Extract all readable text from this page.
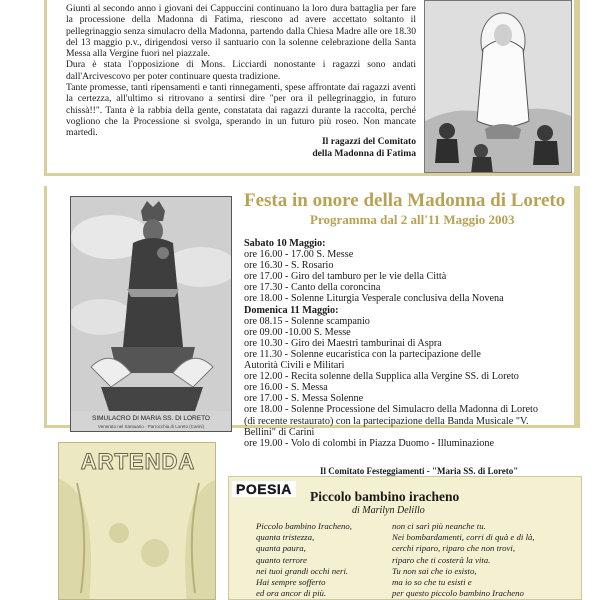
Giunti al secondo anno i giovani dei Cappuccini continuano la loro dura battaglia per fare la processione della Madonna di Fatima, riescono ad avere accettato soltanto il pellegrinaggio senza simulacro della Madonna, partendo dalla Chiesa Madre alle ore 18.30 del 13 maggio p.v., dirigendosi verso il santuario con la solenne celebrazione della Santa Messa alla Vergine fuori nel piazzale.

Dura è stata l'opposizione di Mons. Licciardi nonostante i ragazzi sono andati dall'Arcivescovo per poter continuare questa tradizione.

Tante promesse, tanti ripensamenti e tanti rinnegamenti, spese affrontate dai ragazzi aventi la certezza, all'ultimo si ritrovano a sentirsi dire "per ora il pellegrinaggio, in futuro chissà!!". Tanta è la rabbia della gente, constatata dai ragazzi durante la raccolta, perché vogliono che la Processione si svolga, sperando in un futuro più roseo. Non mancate martedì.

Il ragazzi del Comitato
della Madonna di Fatima
SIMULACRO DI MARIA SS. DI LORETO
Venerato nel Santuario - Parrocchia di Loreto (Carini)
Festa in onore della Madonna di Loreto
Programma dal 2 all'11 Maggio 2003
Sabato 10 Maggio:
ore 16.00 - 17.00 S. Messe
ore 16.30 - S. Rosario
ore 17.00 - Giro del tamburo per le vie della Città
ore 17.30 - Canto della coroncina
ore 18.00 - Solenne Liturgia Vesperale conclusiva della Novena
Domenica 11 Maggio:
ore 08.15 - Solenne scampanio
ore 09.00 -10.00 S. Messe
ore 10.30 - Giro dei Maestri tamburinai di Aspra
ore 11.30 - Solenne eucaristica con la partecipazione delle
Autorità Civili e Militari
ore 12.00 - Recita solenne della Supplica alla Vergine SS. di Loreto
ore 16.00 - S. Messa
ore 17.00 - S. Messa Solenne
ore 18.00 - Solenne Processione del Simulacro della Madonna di Loreto
(di recente restaurato) con la partecipazione della Banda Musicale "V.
Bellini" di Carini
ore 19.00 - Volo di colombi in Piazza Duomo - Illuminazione
Il Comitato Festeggiamenti - "Maria SS. di Loreto"
ARTENDA
POESIA Piccolo bambino iracheno
di Marilyn Delillo
Piccolo bambino Iracheno,
quanta tristezza,
quanta paura,
quanto terrore
nei tuoi grandi occhi neri.
Hai sempre sofferto
ed ora ancor di più.
non ci sarì più neanche tu.
Nei bombardamenti, corri di quà e di là,
cerchi riparo, riparo che non trovi,
riparo che ti costerà la vita.
Tu non sai che io esisto,
ma io so che tu esisti e
per questo piccolo bambino Iracheno
